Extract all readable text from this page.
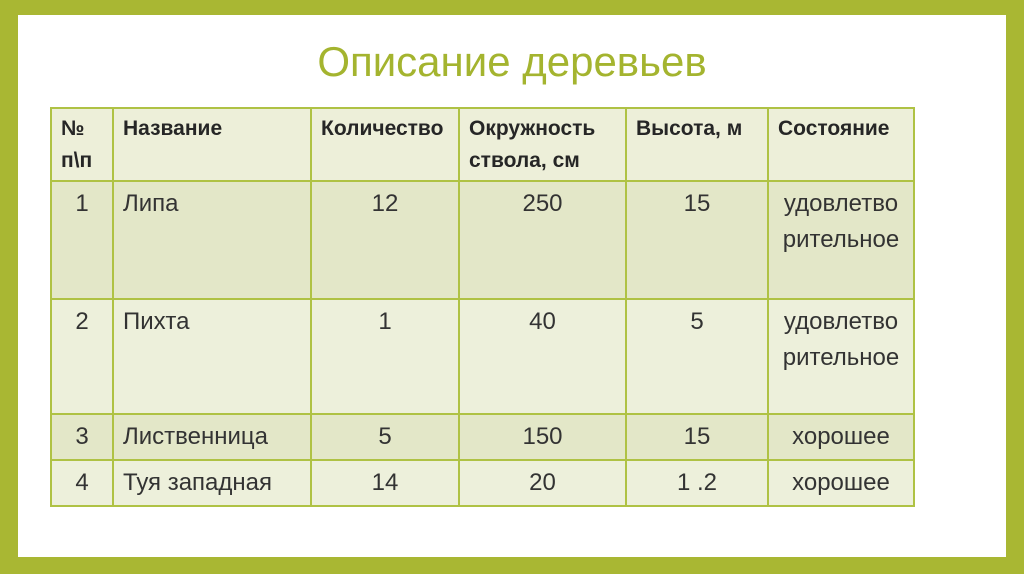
Описание деревьев
№ п\п	Название	Количество	Окружность ствола, см	Высота, м	Состояние
1	Липа	12	250	15	удовлетворительное
2	Пихта	1	40	5	удовлетворительное
3	Лиственница	5	150	15	хорошее
4	Туя западная	14	20	1 .2	хорошее
